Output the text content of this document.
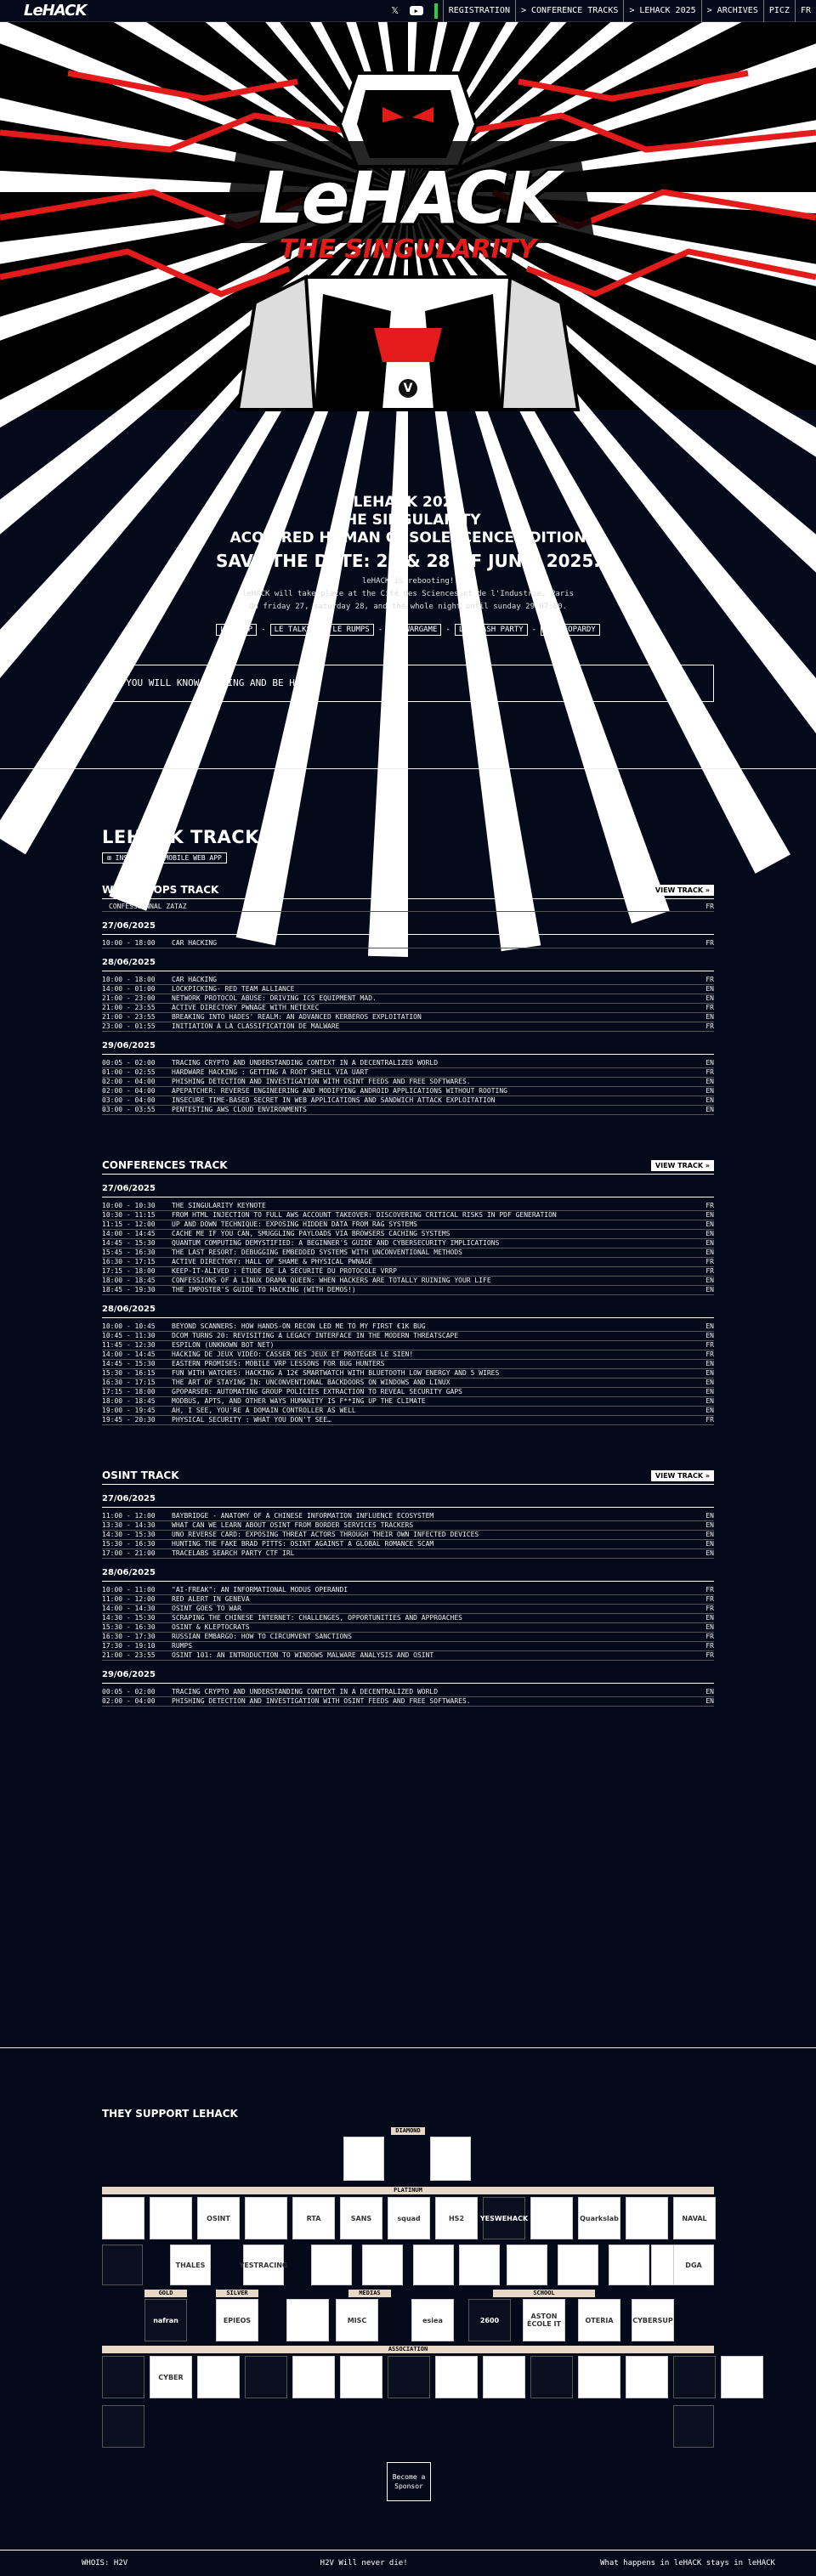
LeHACK	𝕏	▶	REGISTRATION	> CONFERENCE TRACKS	> LEHACK 2025	> ARCHIVES	PICZ	FR
LeHACK
THE SINGULARITY
V
LEHACK 2025
THE SINGULARITY
ACQUIRED HUMAN OBSOLESCENCE EDITION
SAVE THE DATE: 27 & 28 OF JUNE, 2025.
leHACK is rebooting!
leHACK will take place at the Cité des Sciences et de l'Industrie, Paris
On friday 27, saturday 28, and the whole night until sunday 29 07:00.
LE SHOP - LE TALKS - LE RUMPS - LE WARGAME - LE CRASH PARTY - LE JEOPARDY
▸ YOU WILL KNOW NOTHING AND BE HAPPY
LEHACK TRACKS
⊞ INSTALLABLE MOBILE WEB APP
WORKSHOPS TRACK	VIEW TRACK »
CONFESSIONNAL ZATAZ	FR
27/06/2025
10:00 - 18:00	CAR HACKING	FR
28/06/2025
10:00 - 18:00	CAR HACKING	FR
14:00 - 01:00	LOCKPICKING- RED TEAM ALLIANCE	EN
21:00 - 23:00	NETWORK PROTOCOL ABUSE: DRIVING ICS EQUIPMENT MAD.	EN
21:00 - 23:55	ACTIVE DIRECTORY PWNAGE WITH NETEXEC	FR
21:00 - 23:55	BREAKING INTO HADES' REALM: AN ADVANCED KERBEROS EXPLOITATION	EN
23:00 - 01:55	INITIATION À LA CLASSIFICATION DE MALWARE	FR
29/06/2025
00:05 - 02:00	TRACING CRYPTO AND UNDERSTANDING CONTEXT IN A DECENTRALIZED WORLD	EN
01:00 - 02:55	HARDWARE HACKING : GETTING A ROOT SHELL VIA UART	FR
02:00 - 04:00	PHISHING DETECTION AND INVESTIGATION WITH OSINT FEEDS AND FREE SOFTWARES.	EN
02:00 - 04:00	APEPATCHER: REVERSE ENGINEERING AND MODIFYING ANDROID APPLICATIONS WITHOUT ROOTING	EN
03:00 - 04:00	INSECURE TIME-BASED SECRET IN WEB APPLICATIONS AND SANDWICH ATTACK EXPLOITATION	EN
03:00 - 03:55	PENTESTING AWS CLOUD ENVIRONMENTS	EN
CONFERENCES TRACK	VIEW TRACK »
27/06/2025
10:00 - 10:30	THE SINGULARITY KEYNOTE	FR
10:30 - 11:15	FROM HTML INJECTION TO FULL AWS ACCOUNT TAKEOVER: DISCOVERING CRITICAL RISKS IN PDF GENERATION	EN
11:15 - 12:00	UP AND DOWN TECHNIQUE: EXPOSING HIDDEN DATA FROM RAG SYSTEMS	EN
14:00 - 14:45	CACHE ME IF YOU CAN, SMUGGLING PAYLOADS VIA BROWSERS CACHING SYSTEMS	EN
14:45 - 15:30	QUANTUM COMPUTING DEMYSTIFIED: A BEGINNER'S GUIDE AND CYBERSECURITY IMPLICATIONS	EN
15:45 - 16:30	THE LAST RESORT: DEBUGGING EMBEDDED SYSTEMS WITH UNCONVENTIONAL METHODS	EN
16:30 - 17:15	ACTIVE DIRECTORY: HALL OF SHAME & PHYSICAL PWNAGE	FR
17:15 - 18:00	KEEP-IT-ALIVED : ÉTUDE DE LA SÉCURITÉ DU PROTOCOLE VRRP	FR
18:00 - 18:45	CONFESSIONS OF A LINUX DRAMA QUEEN: WHEN HACKERS ARE TOTALLY RUINING YOUR LIFE	EN
18:45 - 19:30	THE IMPOSTER'S GUIDE TO HACKING (WITH DEMOS!)	EN
28/06/2025
10:00 - 10:45	BEYOND SCANNERS: HOW HANDS-ON RECON LED ME TO MY FIRST €1K BUG	EN
10:45 - 11:30	DCOM TURNS 20: REVISITING A LEGACY INTERFACE IN THE MODERN THREATSCAPE	EN
11:45 - 12:30	ESPILON (UNKNOWN BOT NET)	FR
14:00 - 14:45	HACKING DE JEUX VIDÉO: CASSER DES JEUX ET PROTÉGER LE SIEN!	FR
14:45 - 15:30	EASTERN PROMISES: MOBILE VRP LESSONS FOR BUG HUNTERS	EN
15:30 - 16:15	FUN WITH WATCHES: HACKING A 12€ SMARTWATCH WITH BLUETOOTH LOW ENERGY AND 5 WIRES	EN
16:30 - 17:15	THE ART OF STAYING IN: UNCONVENTIONAL BACKDOORS ON WINDOWS AND LINUX	EN
17:15 - 18:00	GPOPARSER: AUTOMATING GROUP POLICIES EXTRACTION TO REVEAL SECURITY GAPS	EN
18:00 - 18:45	MODBUS, APTS, AND OTHER WAYS HUMANITY IS F**ING UP THE CLIMATE	EN
19:00 - 19:45	AH, I SEE, YOU'RE A DOMAIN CONTROLLER AS WELL	EN
19:45 - 20:30	PHYSICAL SECURITY : WHAT YOU DON'T SEE…	FR
OSINT TRACK	VIEW TRACK »
27/06/2025
11:00 - 12:00	BAYBRIDGE - ANATOMY OF A CHINESE INFORMATION INFLUENCE ECOSYSTEM	EN
13:30 - 14:30	WHAT CAN WE LEARN ABOUT OSINT FROM BORDER SERVICES TRACKERS	EN
14:30 - 15:30	UNO REVERSE CARD: EXPOSING THREAT ACTORS THROUGH THEIR OWN INFECTED DEVICES	EN
15:30 - 16:30	HUNTING THE FAKE BRAD PITTS: OSINT AGAINST A GLOBAL ROMANCE SCAM	EN
17:00 - 21:00	TRACELABS SEARCH PARTY CTF IRL	EN
28/06/2025
10:00 - 11:00	"AI-FREAK": AN INFORMATIONAL MODUS OPERANDI	FR
11:00 - 12:00	RED ALERT IN GENEVA	FR
14:00 - 14:30	OSINT GOES TO WAR	FR
14:30 - 15:30	SCRAPING THE CHINESE INTERNET: CHALLENGES, OPPORTUNITIES AND APPROACHES	EN
15:30 - 16:30	OSINT & KLEPTOCRATS	EN
16:30 - 17:30	RUSSIAN EMBARGO: HOW TO CIRCUMVENT SANCTIONS	FR
17:30 - 19:10	RUMPS	FR
21:00 - 23:55	OSINT 101: AN INTRODUCTION TO WINDOWS MALWARE ANALYSIS AND OSINT	FR
29/06/2025
00:05 - 02:00	TRACING CRYPTO AND UNDERSTANDING CONTEXT IN A DECENTRALIZED WORLD	EN
02:00 - 04:00	PHISHING DETECTION AND INVESTIGATION WITH OSINT FEEDS AND FREE SOFTWARES.	EN
THEY SUPPORT LEHACK
DIAMOND
PLATINUM
OSINT	RTA	SANS	squad	HS2	YESWEHACK	Quarkslab	NAVAL
THALES	YESTRACING	DGA
GOLD	SILVER	MEDIAS	SCHOOL
nafran	EPIEOS	MISC	esiea	2600	ASTON ÉCOLE IT	OTERIA	CYBERSUP
ASSOCIATION
CYBER
Become a Sponsor
WHOIS: H2V	H2V Will never die!	What happens in leHACK stays in leHACK
